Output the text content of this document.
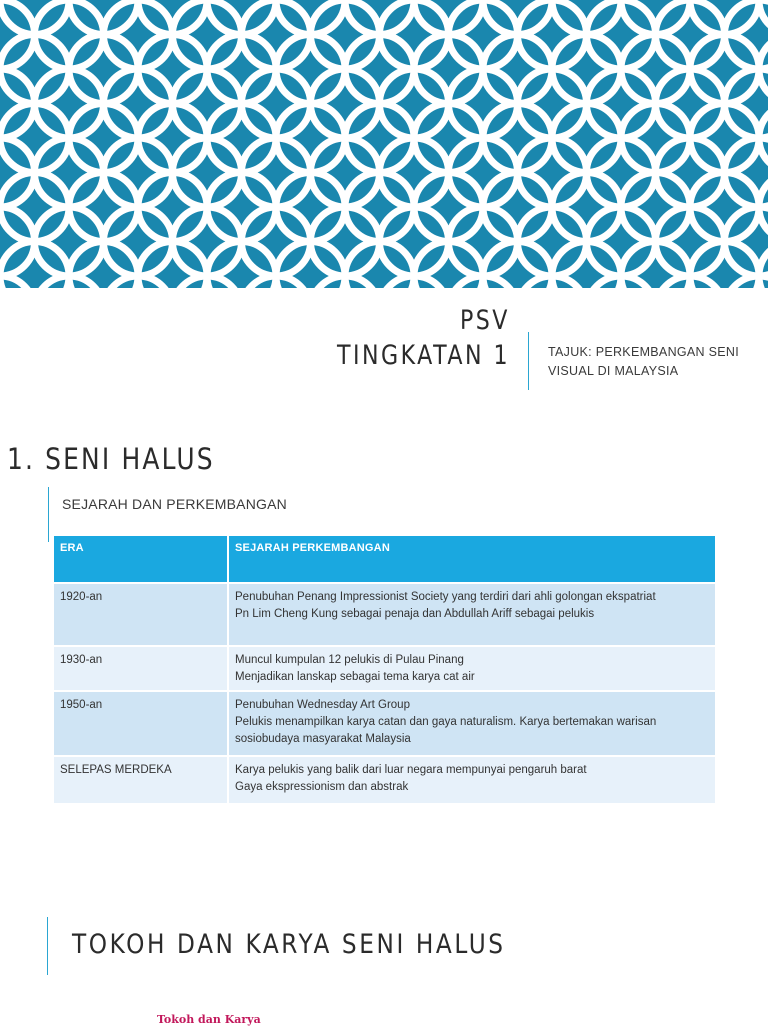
PSV
TINGKATAN 1	TAJUK: PERKEMBANGAN SENI
VISUAL DI MALAYSIA
1. SENI HALUS
SEJARAH DAN PERKEMBANGAN
ERA	SEJARAH PERKEMBANGAN
1920-an	Penubuhan Penang Impressionist Society yang terdiri dari ahli golongan ekspatriat
Pn Lim Cheng Kung sebagai penaja dan Abdullah Ariff sebagai pelukis

1930-an	Muncul kumpulan 12 pelukis di Pulau Pinang
Menjadikan lanskap sebagai tema karya cat air

1950-an	Penubuhan Wednesday Art Group
Pelukis menampilkan karya catan dan gaya naturalism. Karya bertemakan warisan
sosiobudaya masyarakat Malaysia

SELEPAS MERDEKA	Karya pelukis yang balik dari luar negara mempunyai pengaruh barat
Gaya ekspressionism dan abstrak
TOKOH DAN KARYA SENI HALUS
Tokoh dan Karya
